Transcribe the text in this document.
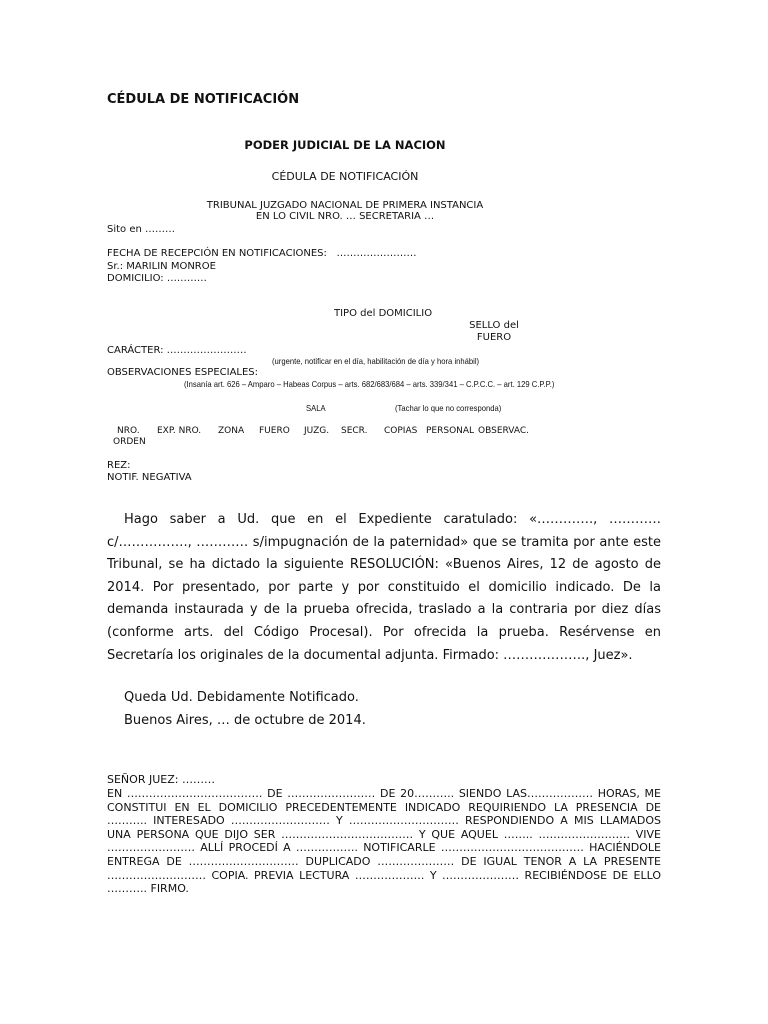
CÉDULA DE NOTIFICACIÓN
PODER JUDICIAL DE LA NACION
CÉDULA DE NOTIFICACIÓN
TRIBUNAL JUZGADO NACIONAL DE PRIMERA INSTANCIA
EN LO CIVIL NRO. … SECRETARIA …
Sito en ………
FECHA DE RECEPCIÓN EN NOTIFICACIONES:   ……………………
Sr.: MARILIN MONROE
DOMICILIO: …………
TIPO del DOMICILIO
SELLO del
FUERO
CARÁCTER: ……………………
(urgente, notificar en el día, habilitación de día y hora inhábil)
OBSERVACIONES ESPECIALES:
(Insanía art. 626 – Amparo – Habeas Corpus – arts. 682/683/684 – arts. 339/341 – C.P.C.C. – art. 129 C.P.P.)
SALA	(Tachar lo que no corresponda)
NRO.
ORDEN
EXP. NRO. ZONA FUERO JUZG. SECR. COPIAS PERSONAL OBSERVAC.
REZ:
NOTIF. NEGATIVA

Hago saber a Ud. que en el Expediente caratulado: «…………., ………… c/……………., ………… s/impugnación de la paternidad» que se tramita por ante este Tribunal, se ha dictado la siguiente RESOLUCIÓN: «Buenos Aires, 12 de agosto de 2014. Por presentado, por parte y por constituido el domicilio indicado. De la demanda instaurada y de la prueba ofrecida, traslado a la contraria por diez días (conforme arts. del Código Procesal). Por ofrecida la prueba. Resérvense en Secretaría los originales de la documental adjunta. Firmado: ………………., Juez».

Queda Ud. Debidamente Notificado.
Buenos Aires, … de octubre de 2014.
SEÑOR JUEZ: ………
EN ………………………………. DE …………………… DE 20……….. SIENDO LAS……………… HORAS, ME CONSTITUI EN EL DOMICILIO PRECEDENTEMENTE INDICADO REQUIRIENDO LA PRESENCIA DE ……….. INTERESADO ……………………… Y ………………………… RESPONDIENDO A MIS LLAMADOS UNA PERSONA QUE DIJO SER ……………………………… Y QUE AQUEL …….. ……………………. VIVE …………………… ALLÍ PROCEDÍ A …………….. NOTIFICARLE ………………………………… HACIÉNDOLE ENTREGA DE ………………………… DUPLICADO ………………… DE IGUAL TENOR A LA PRESENTE ……………………… COPIA. PREVIA LECTURA ………………. Y ………………… RECIBIÉNDOSE DE ELLO ……….. FIRMO.
